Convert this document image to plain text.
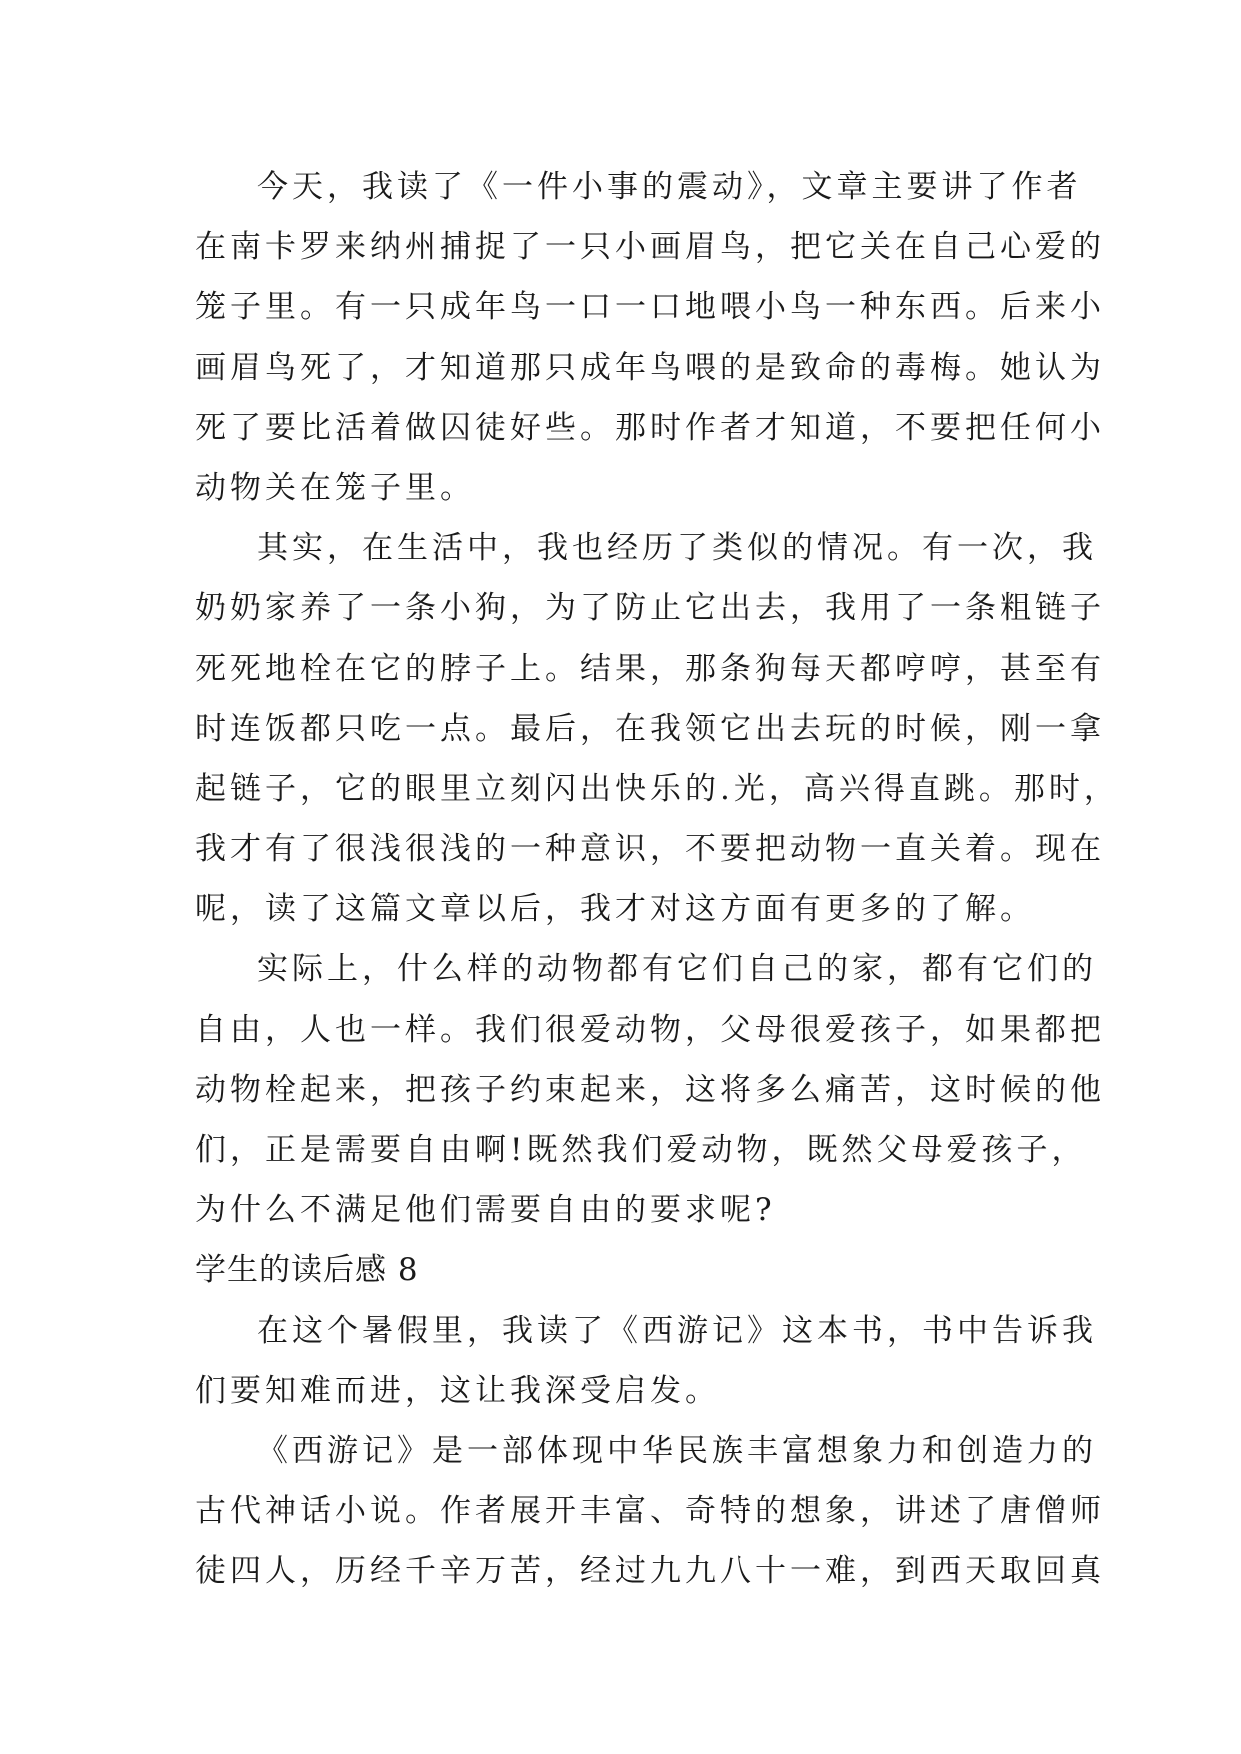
今天，我读了《一件小事的震动》，文章主要讲了作者
在南卡罗来纳州捕捉了一只小画眉鸟，把它关在自己心爱的
笼子里。有一只成年鸟一口一口地喂小鸟一种东西。后来小
画眉鸟死了，才知道那只成年鸟喂的是致命的毒梅。她认为
死了要比活着做囚徒好些。那时作者才知道，不要把任何小
动物关在笼子里。
其实，在生活中，我也经历了类似的情况。有一次，我
奶奶家养了一条小狗，为了防止它出去，我用了一条粗链子
死死地栓在它的脖子上。结果，那条狗每天都哼哼，甚至有
时连饭都只吃一点。最后，在我领它出去玩的时候，刚一拿
起链子，它的眼里立刻闪出快乐的.光，高兴得直跳。那时，
我才有了很浅很浅的一种意识，不要把动物一直关着。现在
呢，读了这篇文章以后，我才对这方面有更多的了解。
实际上，什么样的动物都有它们自己的家，都有它们的
自由，人也一样。我们很爱动物，父母很爱孩子，如果都把
动物栓起来，把孩子约束起来，这将多么痛苦，这时候的他
们，正是需要自由啊!既然我们爱动物，既然父母爱孩子，
为什么不满足他们需要自由的要求呢?
学生的读后感 8
在这个暑假里，我读了《西游记》这本书，书中告诉我
们要知难而进，这让我深受启发。
《西游记》是一部体现中华民族丰富想象力和创造力的
古代神话小说。作者展开丰富、奇特的想象，讲述了唐僧师
徒四人，历经千辛万苦，经过九九八十一难，到西天取回真
